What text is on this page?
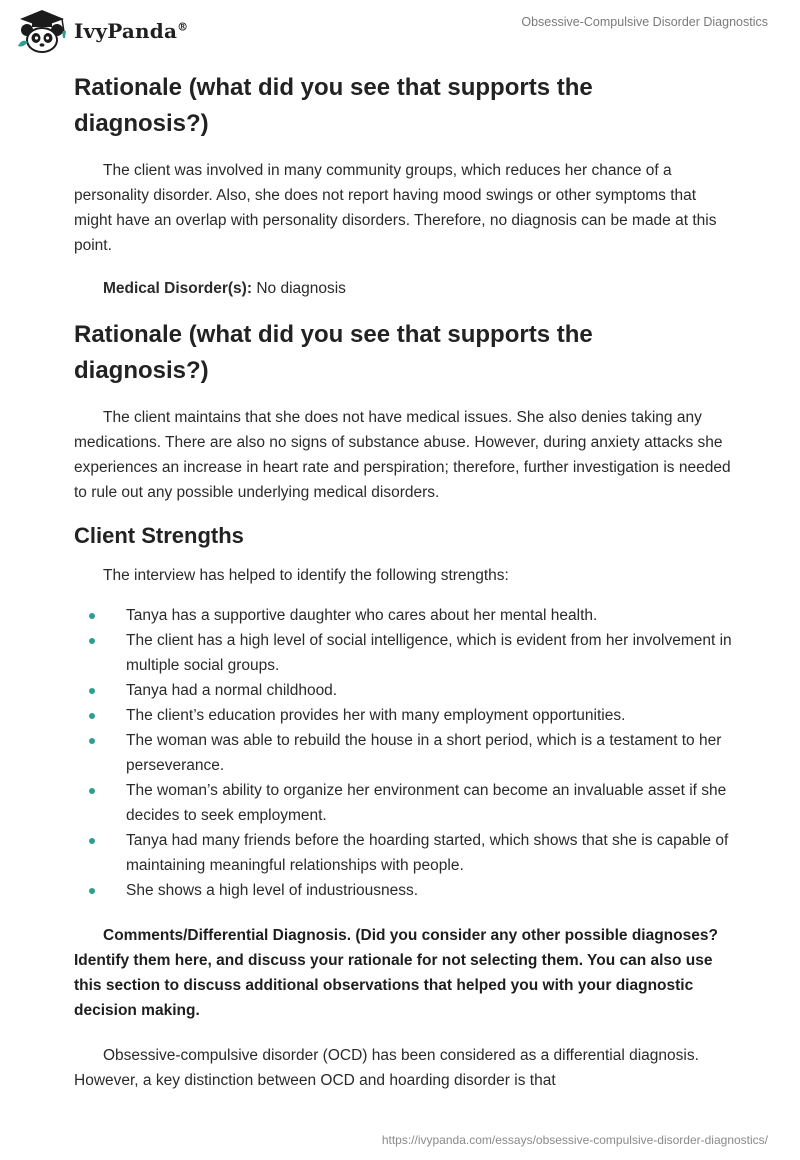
IvyPanda®	Obsessive-Compulsive Disorder Diagnostics
Rationale (what did you see that supports the diagnosis?)

The client was involved in many community groups, which reduces her chance of a personality disorder. Also, she does not report having mood swings or other symptoms that might have an overlap with personality disorders. Therefore, no diagnosis can be made at this point.

Medical Disorder(s): No diagnosis

Rationale (what did you see that supports the diagnosis?)

The client maintains that she does not have medical issues. She also denies taking any medications. There are also no signs of substance abuse. However, during anxiety attacks she experiences an increase in heart rate and perspiration; therefore, further investigation is needed to rule out any possible underlying medical disorders.

Client Strengths

The interview has helped to identify the following strengths:

Tanya has a supportive daughter who cares about her mental health.
The client has a high level of social intelligence, which is evident from her involvement in multiple social groups.
Tanya had a normal childhood.
The client’s education provides her with many employment opportunities.
The woman was able to rebuild the house in a short period, which is a testament to her perseverance.
The woman’s ability to organize her environment can become an invaluable asset if she decides to seek employment.
Tanya had many friends before the hoarding started, which shows that she is capable of maintaining meaningful relationships with people.
She shows a high level of industriousness.

Comments/Differential Diagnosis. (Did you consider any other possible diagnoses? Identify them here, and discuss your rationale for not selecting them. You can also use this section to discuss additional observations that helped you with your diagnostic decision making.

Obsessive-compulsive disorder (OCD) has been considered as a differential diagnosis. However, a key distinction between OCD and hoarding disorder is that

https://ivypanda.com/essays/obsessive-compulsive-disorder-diagnostics/
